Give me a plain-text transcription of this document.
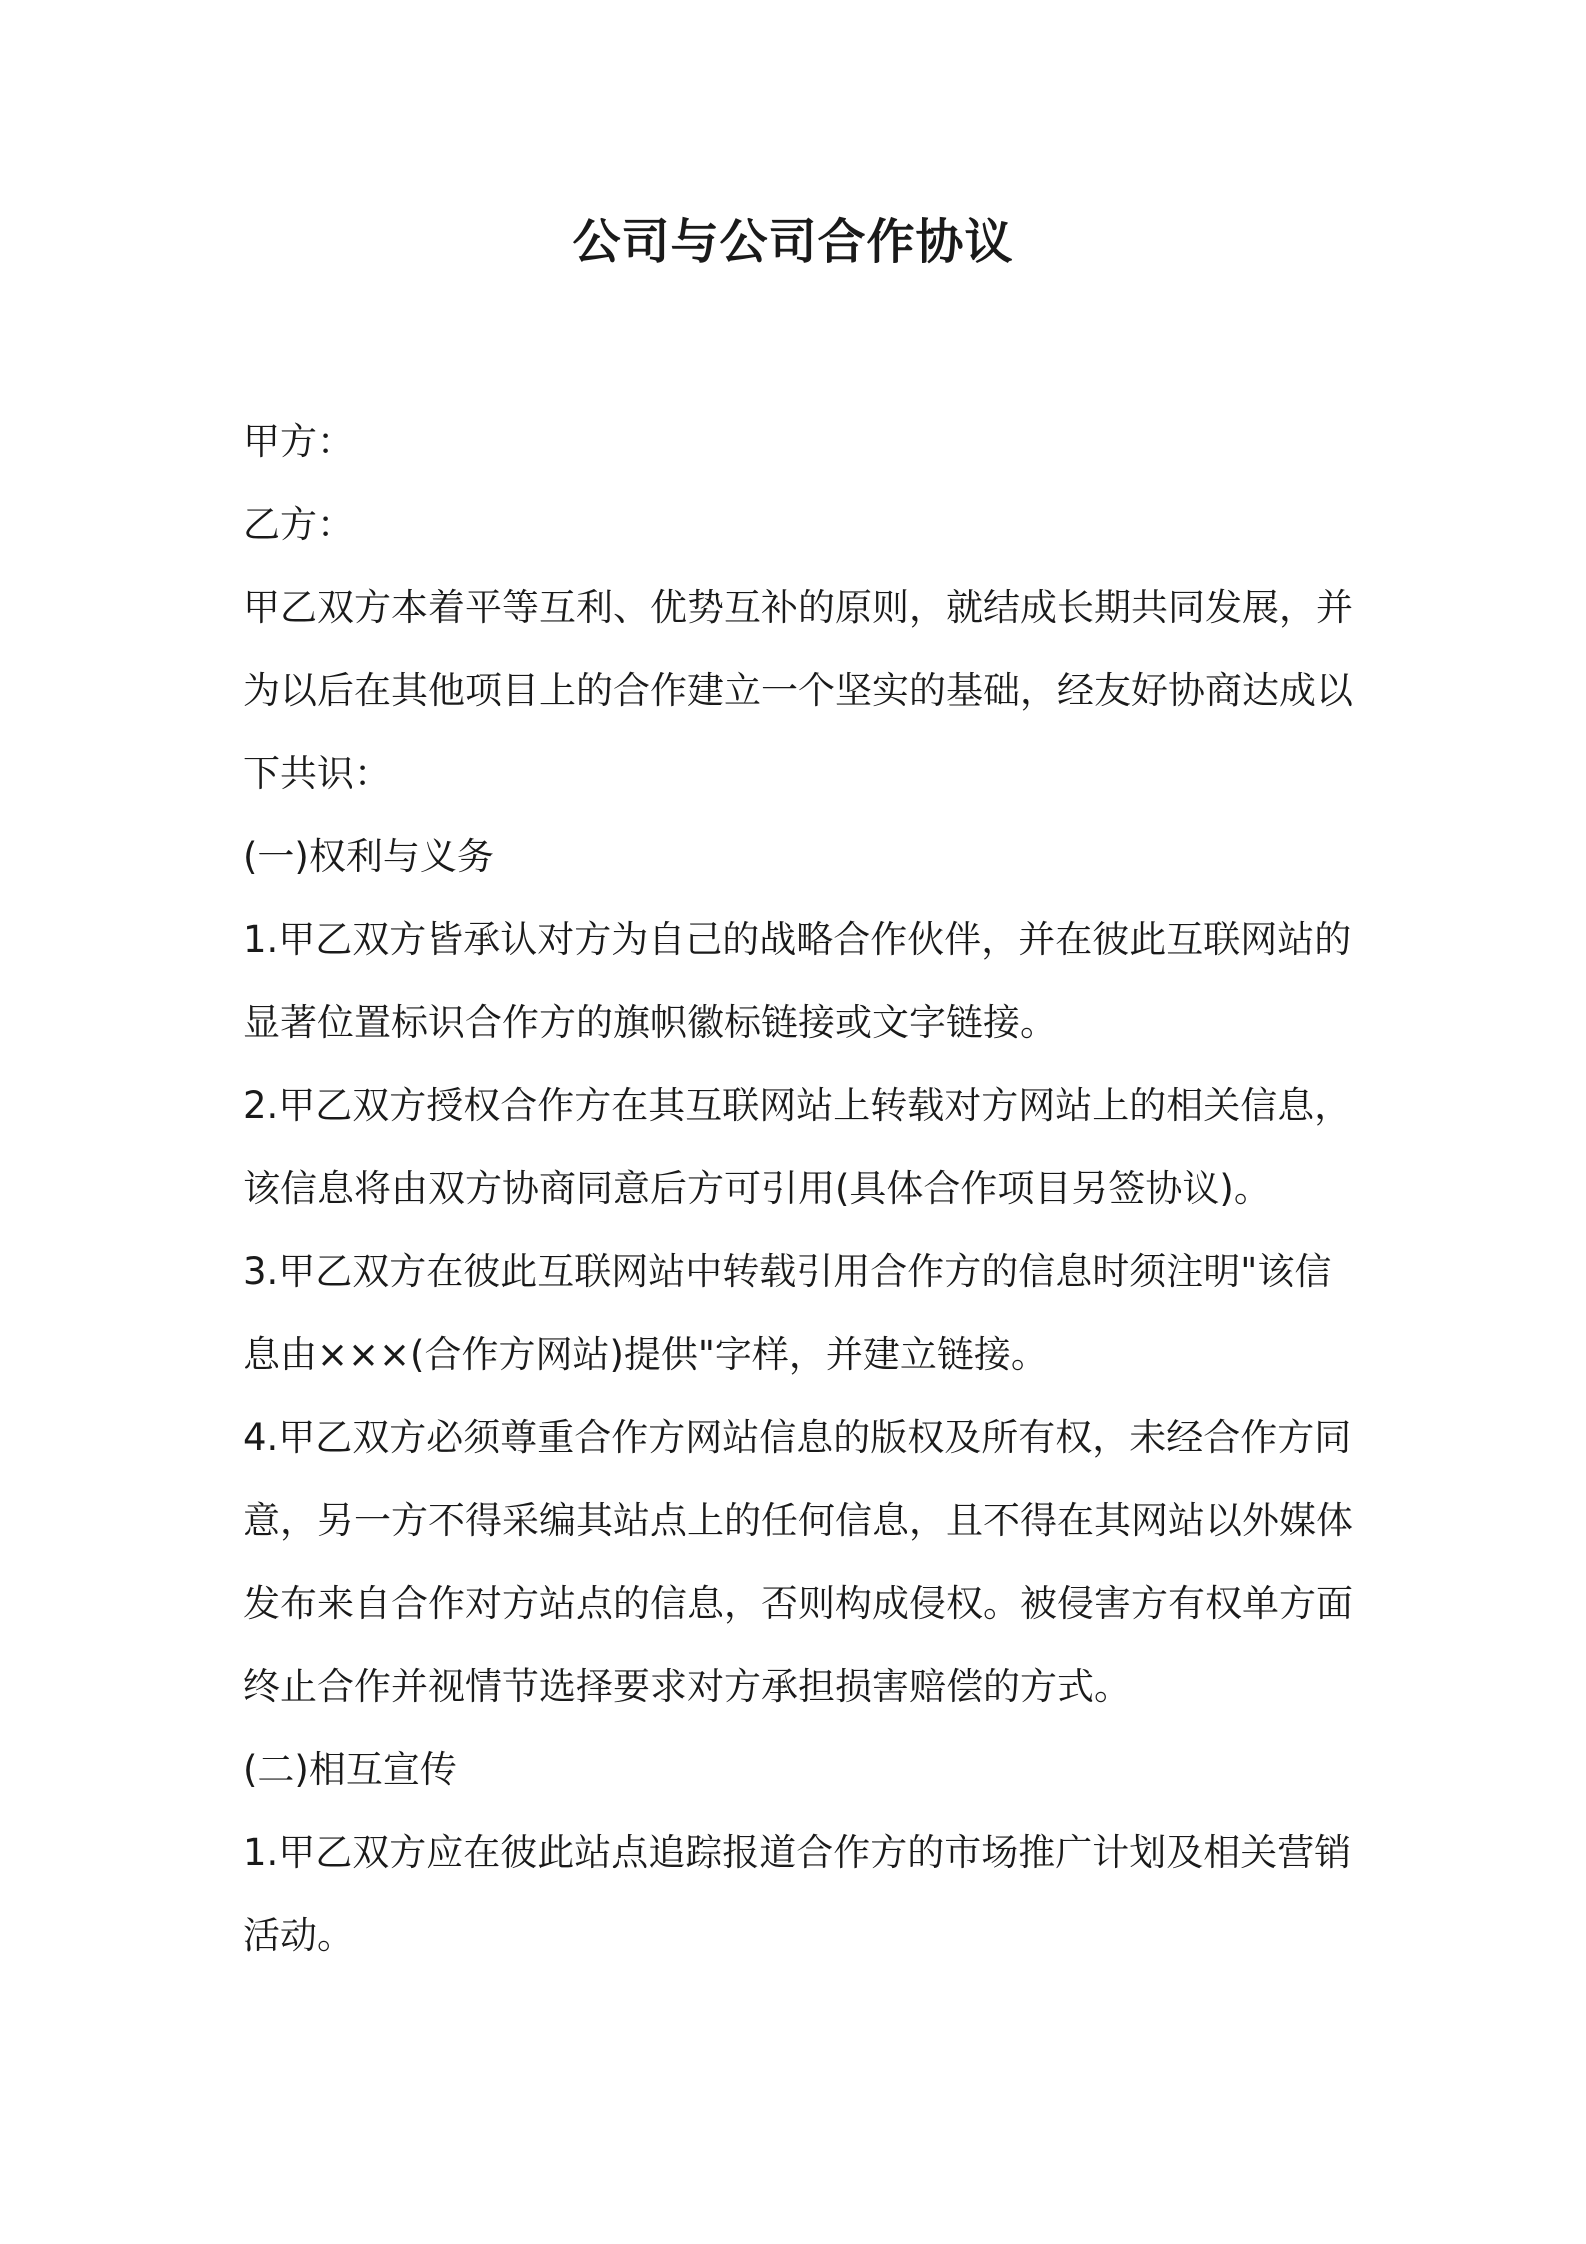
公司与公司合作协议

甲方：

乙方：

甲乙双方本着平等互利、优势互补的原则，就结成长期共同发展，并为以后在其他项目上的合作建立一个坚实的基础，经友好协商达成以下共识：

(一)权利与义务

1.甲乙双方皆承认对方为自己的战略合作伙伴，并在彼此互联网站的显著位置标识合作方的旗帜徽标链接或文字链接。

2.甲乙双方授权合作方在其互联网站上转载对方网站上的相关信息，该信息将由双方协商同意后方可引用(具体合作项目另签协议)。

3.甲乙双方在彼此互联网站中转载引用合作方的信息时须注明"该信息由×××(合作方网站)提供"字样，并建立链接。

4.甲乙双方必须尊重合作方网站信息的版权及所有权，未经合作方同意，另一方不得采编其站点上的任何信息，且不得在其网站以外媒体发布来自合作对方站点的信息，否则构成侵权。被侵害方有权单方面终止合作并视情节选择要求对方承担损害赔偿的方式。

(二)相互宣传

1.甲乙双方应在彼此站点追踪报道合作方的市场推广计划及相关营销活动。
